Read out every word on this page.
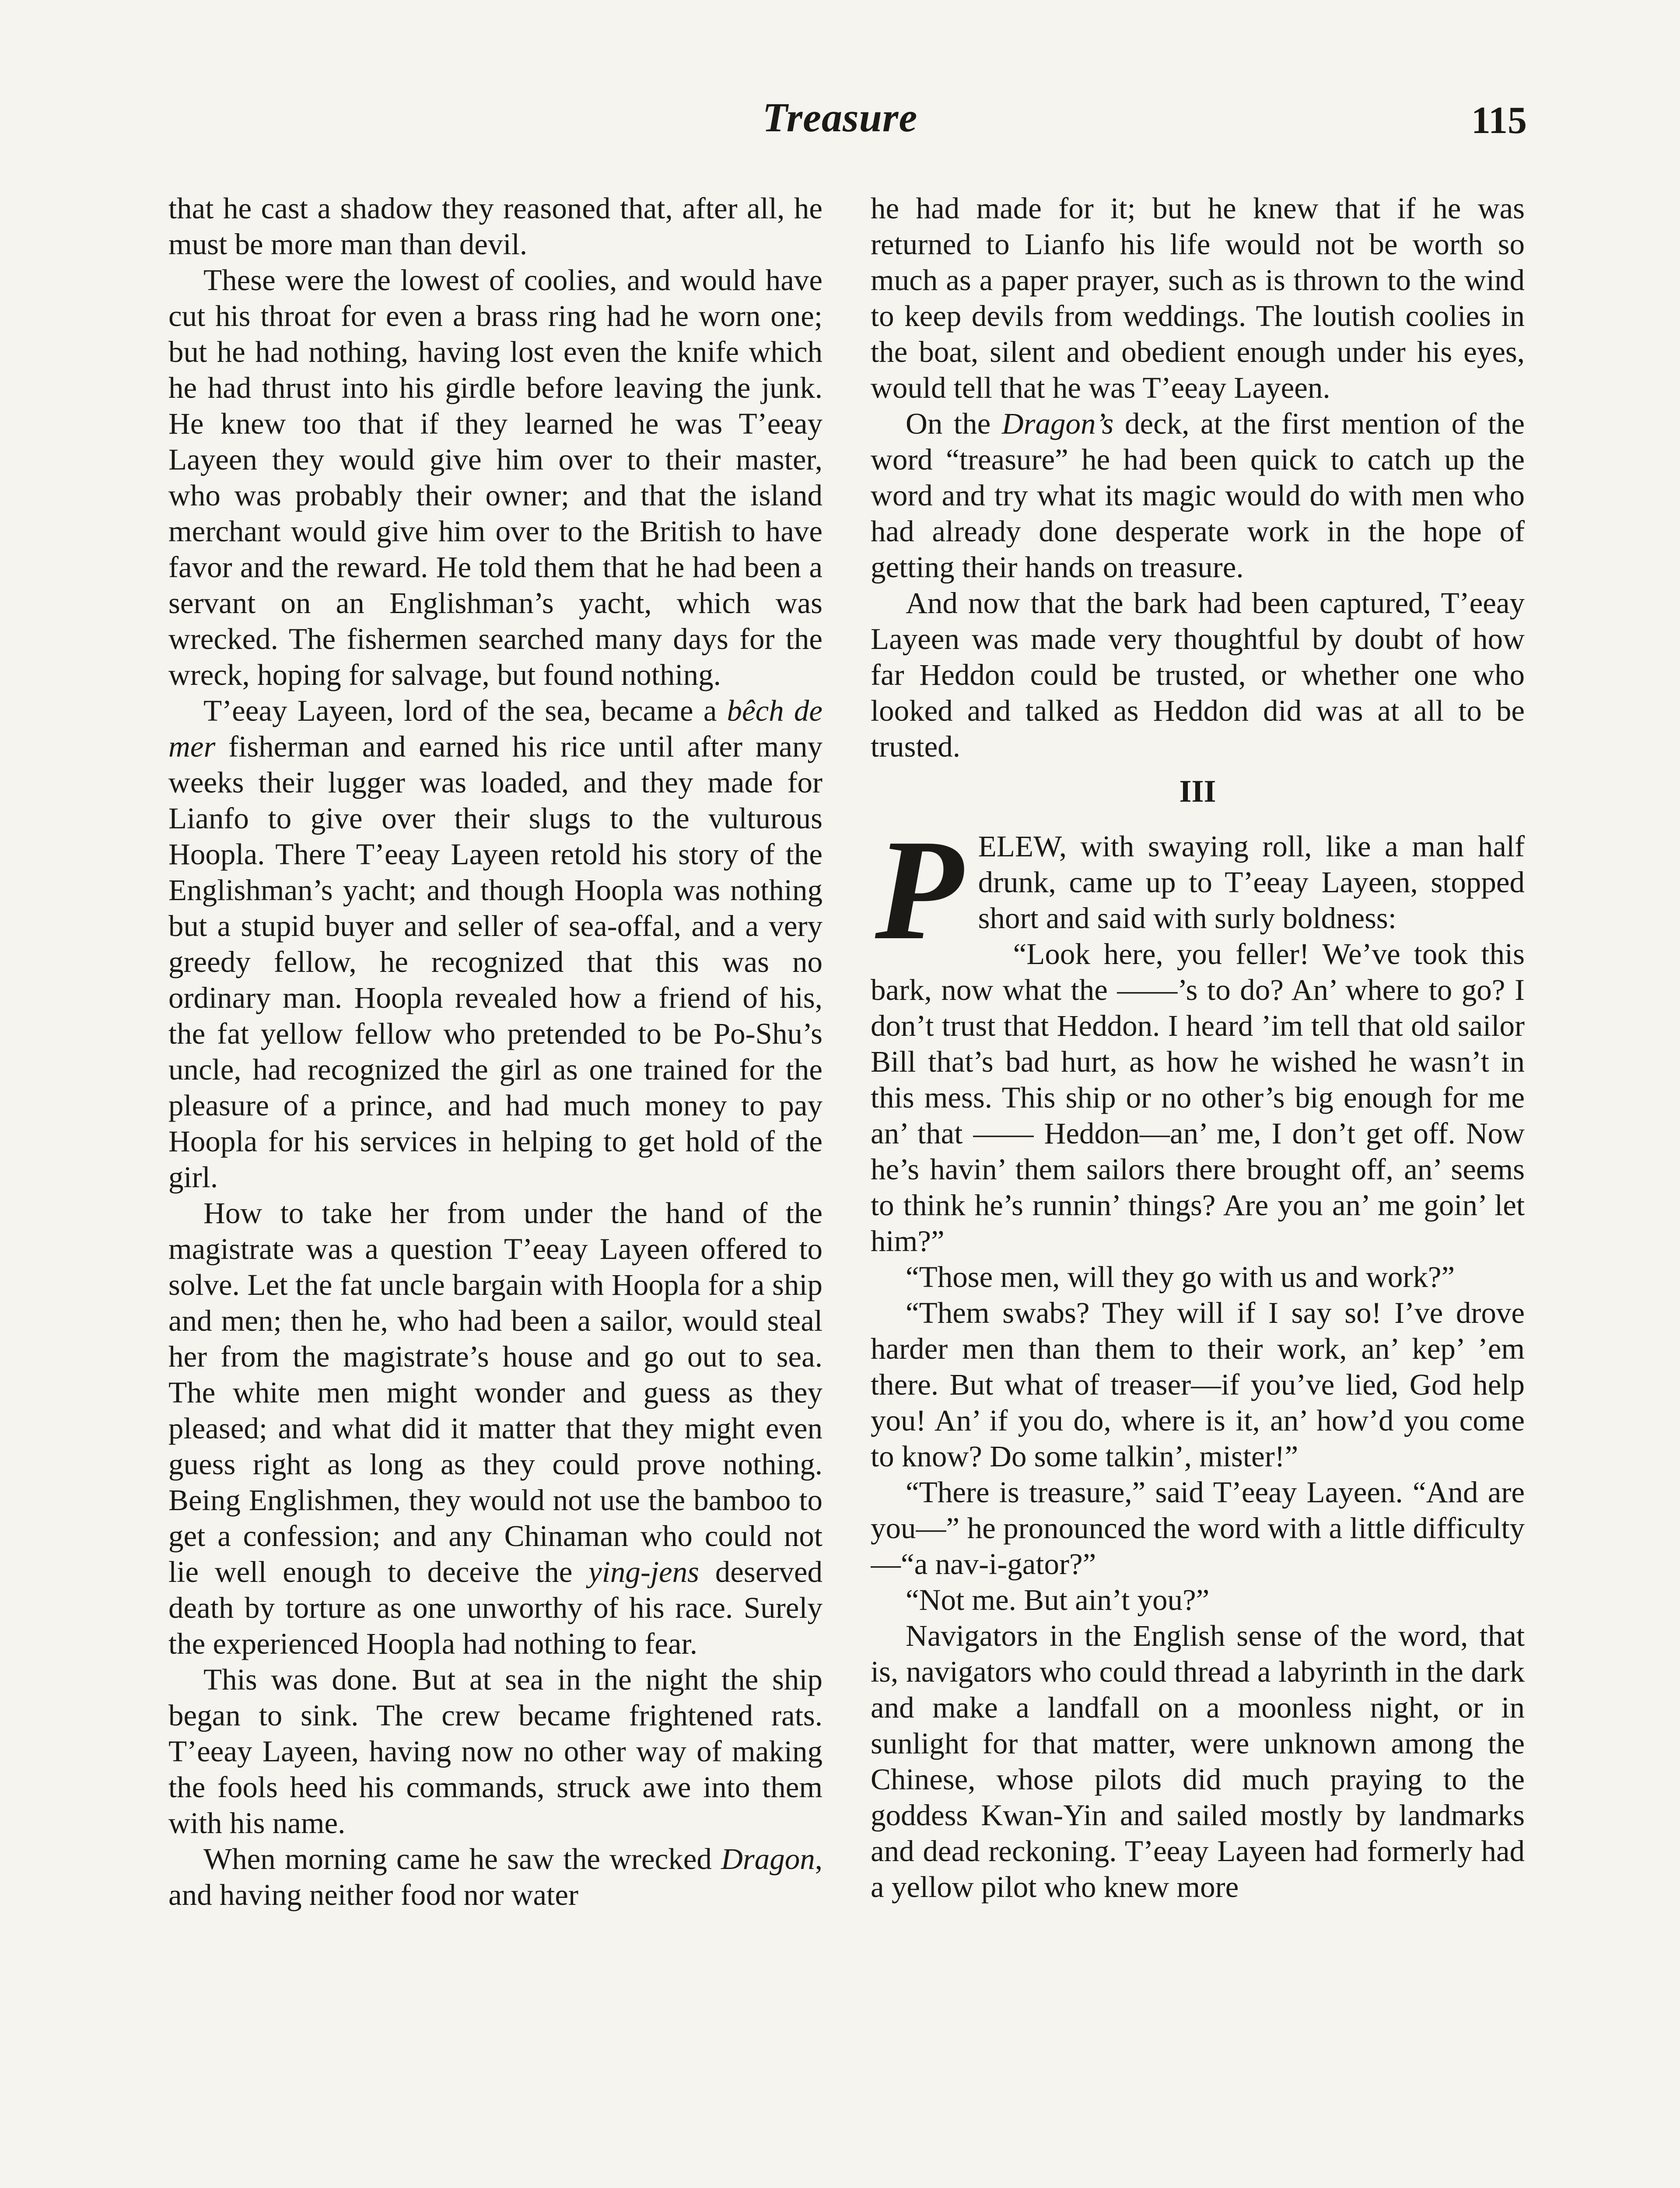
Treasure	115

that he cast a shadow they reasoned that, after all, he must be more man than devil.

These were the lowest of coolies, and would have cut his throat for even a brass ring had he worn one; but he had nothing, having lost even the knife which he had thrust into his girdle before leaving the junk. He knew too that if they learned he was T’eeay Layeen they would give him over to their master, who was probably their owner; and that the island merchant would give him over to the British to have favor and the reward. He told them that he had been a servant on an Englishman’s yacht, which was wrecked. The fishermen searched many days for the wreck, hoping for salvage, but found nothing.

T’eeay Layeen, lord of the sea, became a bêch de mer fisherman and earned his rice until after many weeks their lugger was loaded, and they made for Lianfo to give over their slugs to the vulturous Hoopla. There T’eeay Layeen retold his story of the Englishman’s yacht; and though Hoopla was nothing but a stupid buyer and seller of sea-offal, and a very greedy fellow, he recognized that this was no ordinary man. Hoopla revealed how a friend of his, the fat yellow fellow who pretended to be Po-Shu’s uncle, had recognized the girl as one trained for the pleasure of a prince, and had much money to pay Hoopla for his services in helping to get hold of the girl.

How to take her from under the hand of the magistrate was a question T’eeay Layeen offered to solve. Let the fat uncle bargain with Hoopla for a ship and men; then he, who had been a sailor, would steal her from the magistrate’s house and go out to sea. The white men might wonder and guess as they pleased; and what did it matter that they might even guess right as long as they could prove nothing. Being Englishmen, they would not use the bamboo to get a confession; and any Chinaman who could not lie well enough to deceive the ying-jens deserved death by torture as one unworthy of his race. Surely the experienced Hoopla had nothing to fear.

This was done. But at sea in the night the ship began to sink. The crew became frightened rats. T’eeay Layeen, having now no other way of making the fools heed his commands, struck awe into them with his name.

When morning came he saw the wrecked Dragon, and having neither food nor water

he had made for it; but he knew that if he was returned to Lianfo his life would not be worth so much as a paper prayer, such as is thrown to the wind to keep devils from weddings. The loutish coolies in the boat, silent and obedient enough under his eyes, would tell that he was T’eeay Layeen.

On the Dragon’s deck, at the first mention of the word “treasure” he had been quick to catch up the word and try what its magic would do with men who had already done desperate work in the hope of getting their hands on treasure.

And now that the bark had been captured, T’eeay Layeen was made very thoughtful by doubt of how far Heddon could be trusted, or whether one who looked and talked as Heddon did was at all to be trusted.

III

PELEW, with swaying roll, like a man half drunk, came up to T’eeay Layeen, stopped short and said with surly boldness:

“Look here, you feller! We’ve took this bark, now what the ——’s to do? An’ where to go? I don’t trust that Heddon. I heard ’im tell that old sailor Bill that’s bad hurt, as how he wished he wasn’t in this mess. This ship or no other’s big enough for me an’ that —— Heddon—an’ me, I don’t get off. Now he’s havin’ them sailors there brought off, an’ seems to think he’s runnin’ things? Are you an’ me goin’ let him?”

“Those men, will they go with us and work?”

“Them swabs? They will if I say so! I’ve drove harder men than them to their work, an’ kep’ ’em there. But what of treaser—if you’ve lied, God help you! An’ if you do, where is it, an’ how’d you come to know? Do some talkin’, mister!”

“There is treasure,” said T’eeay Layeen. “And are you—” he pronounced the word with a little difficulty—“a nav-i-gator?”

“Not me. But ain’t you?”

Navigators in the English sense of the word, that is, navigators who could thread a labyrinth in the dark and make a landfall on a moonless night, or in sunlight for that matter, were unknown among the Chinese, whose pilots did much praying to the goddess Kwan-Yin and sailed mostly by landmarks and dead reckoning. T’eeay Layeen had formerly had a yellow pilot who knew more
